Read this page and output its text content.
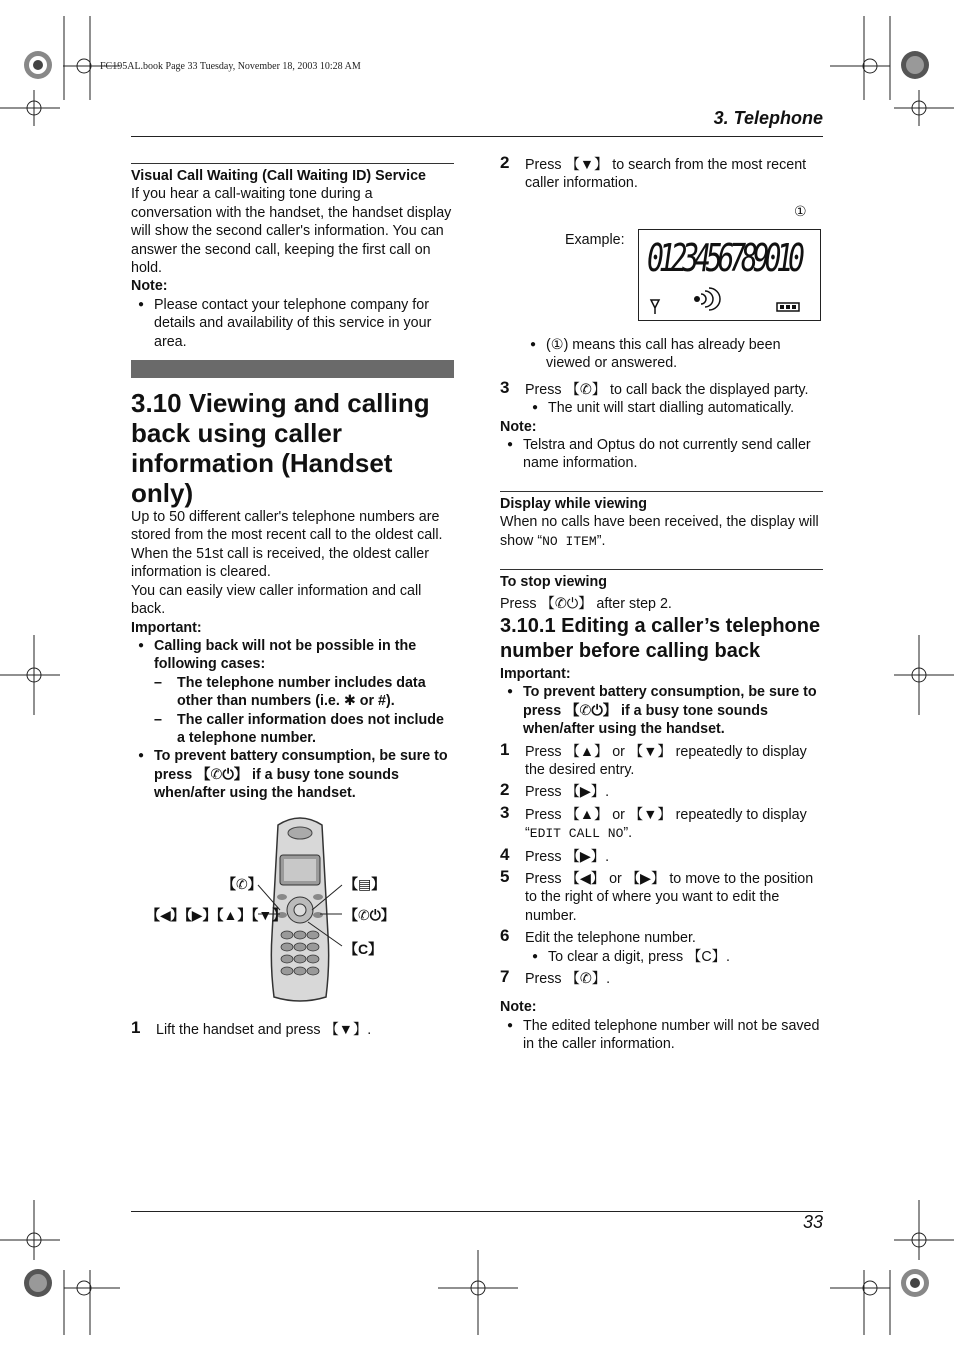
FC195AL.book Page 33 Tuesday, November 18, 2003 10:28 AM
3. Telephone

Visual Call Waiting (Call Waiting ID) Service

If you hear a call-waiting tone during a conversation with the handset, the handset display will show the second caller's information. You can answer the second call, keeping the first call on hold.

Note:

● Please contact your telephone company for details and availability of this service in your area.

3.10 Viewing and calling back using caller information (Handset only)

Up to 50 different caller's telephone numbers are stored from the most recent call to the oldest call. When the 51st call is received, the oldest caller information is cleared.

You can easily view caller information and call back.

Important:

● Calling back will not be possible in the following cases:

– The telephone number includes data other than numbers (i.e. ✱ or #).

– The caller information does not include a telephone number.

● To prevent battery consumption, be sure to press 【✆⏻】 if a busy tone sounds when/after using the handset.

【✆】	【▤】
【◀】【▶】【▲】【▼】	【✆⏻】
【C】
1 Lift the handset and press 【▼】.
2 Press 【▼】 to search from the most recent caller information.
Example:
①
0123456789010

● (①) means this call has already been viewed or answered.

3 Press 【✆】 to call back the displayed party.
● The unit will start dialling automatically.

Note:

● Telstra and Optus do not currently send caller name information.

Display while viewing

When no calls have been received, the display will show “NO ITEM”.

To stop viewing

Press 【✆⏻】 after step 2.

3.10.1 Editing a caller’s telephone number before calling back

Important:

● To prevent battery consumption, be sure to press 【✆⏻】 if a busy tone sounds when/after using the handset.

1 Press 【▲】 or 【▼】 repeatedly to display the desired entry.
2 Press 【▶】.
3 Press 【▲】 or 【▼】 repeatedly to display “EDIT CALL NO”.
4 Press 【▶】.
5 Press 【◀】 or 【▶】 to move to the position to the right of where you want to edit the number.
6 Edit the telephone number.
● To clear a digit, press 【C】.
7 Press 【✆】.

Note:

● The edited telephone number will not be saved in the caller information.

33
